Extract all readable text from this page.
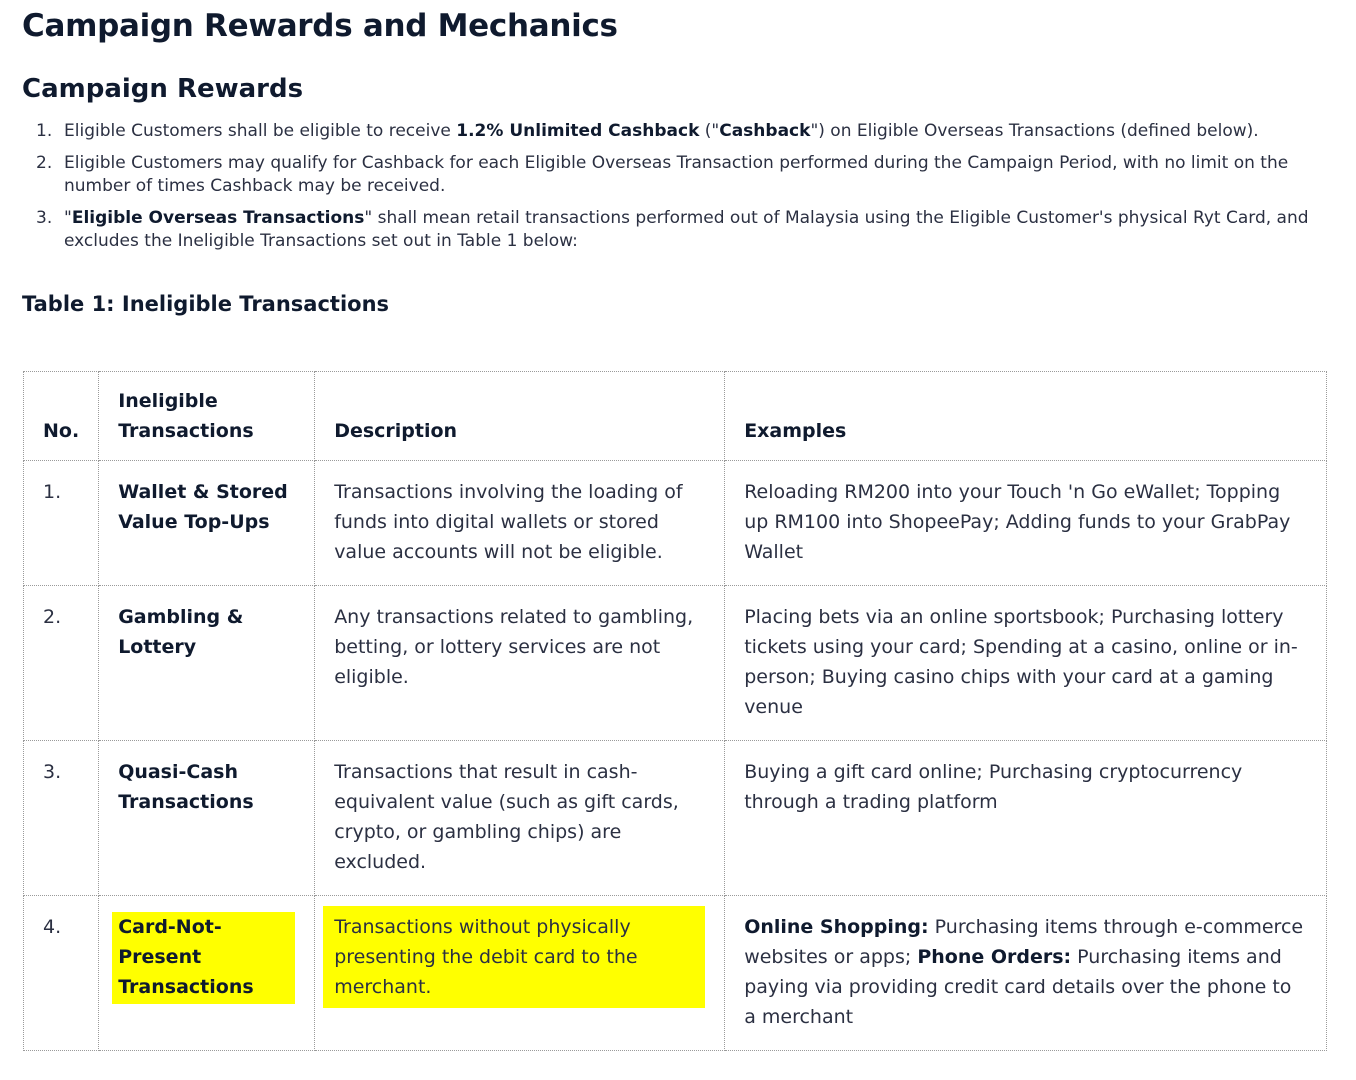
Campaign Rewards and Mechanics
Campaign Rewards
1. Eligible Customers shall be eligible to receive 1.2% Unlimited Cashback ("Cashback") on Eligible Overseas Transactions (defined below).
2. Eligible Customers may qualify for Cashback for each Eligible Overseas Transaction performed during the Campaign Period, with no limit on the number of times Cashback may be received.
3. "Eligible Overseas Transactions" shall mean retail transactions performed out of Malaysia using the Eligible Customer's physical Ryt Card, and excludes the Ineligible Transactions set out in Table 1 below:
Table 1: Ineligible Transactions
No.	Ineligible Transactions	Description	Examples
1.	Wallet & Stored Value Top-Ups	Transactions involving the loading of funds into digital wallets or stored value accounts will not be eligible.	Reloading RM200 into your Touch 'n Go eWallet; Topping up RM100 into ShopeePay; Adding funds to your GrabPay Wallet
2.	Gambling & Lottery	Any transactions related to gambling, betting, or lottery services are not eligible.	Placing bets via an online sportsbook; Purchasing lottery tickets using your card; Spending at a casino, online or in-person; Buying casino chips with your card at a gaming venue
3.	Quasi-Cash Transactions	Transactions that result in cash-equivalent value (such as gift cards, crypto, or gambling chips) are excluded.	Buying a gift card online; Purchasing cryptocurrency through a trading platform
4.	Card-Not-Present Transactions	Transactions without physically presenting the debit card to the merchant.	Online Shopping: Purchasing items through e-commerce websites or apps; Phone Orders: Purchasing items and paying via providing credit card details over the phone to a merchant
